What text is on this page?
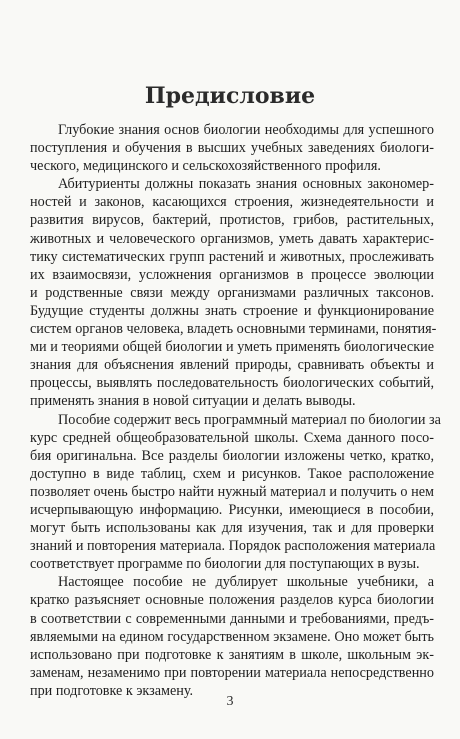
Предисловие

Глубокие знания основ биологии необходимы для успешного
поступления и обучения в высших учебных заведениях биологи-
ческого, медицинского и сельскохозяйственного профиля.

Абитуриенты должны показать знания основных закономер-
ностей и законов, касающихся строения, жизнедеятельности и
развития вирусов, бактерий, протистов, грибов, растительных,
животных и человеческого организмов, уметь давать характерис-
тику систематических групп растений и животных, прослеживать
их взаимосвязи, усложнения организмов в процессе эволюции
и родственные связи между организмами различных таксонов.
Будущие студенты должны знать строение и функционирование
систем органов человека, владеть основными терминами, понятия-
ми и теориями общей биологии и уметь применять биологические
знания для объяснения явлений природы, сравнивать объекты и
процессы, выявлять последовательность биологических событий,
применять знания в новой ситуации и делать выводы.

Пособие содержит весь программный материал по биологии за
курс средней общеобразовательной школы. Схема данного посо-
бия оригинальна. Все разделы биологии изложены четко, кратко,
доступно в виде таблиц, схем и рисунков. Такое расположение
позволяет очень быстро найти нужный материал и получить о нем
исчерпывающую информацию. Рисунки, имеющиеся в пособии,
могут быть использованы как для изучения, так и для проверки
знаний и повторения материала. Порядок расположения материала
соответствует программе по биологии для поступающих в вузы.

Настоящее пособие не дублирует школьные учебники, а
кратко разъясняет основные положения разделов курса биологии
в соответствии с современными данными и требованиями, предъ-
являемыми на едином государственном экзамене. Оно может быть
использовано при подготовке к занятиям в школе, школьным эк-
заменам, незаменимо при повторении материала непосредственно
при подготовке к экзамену.

3
